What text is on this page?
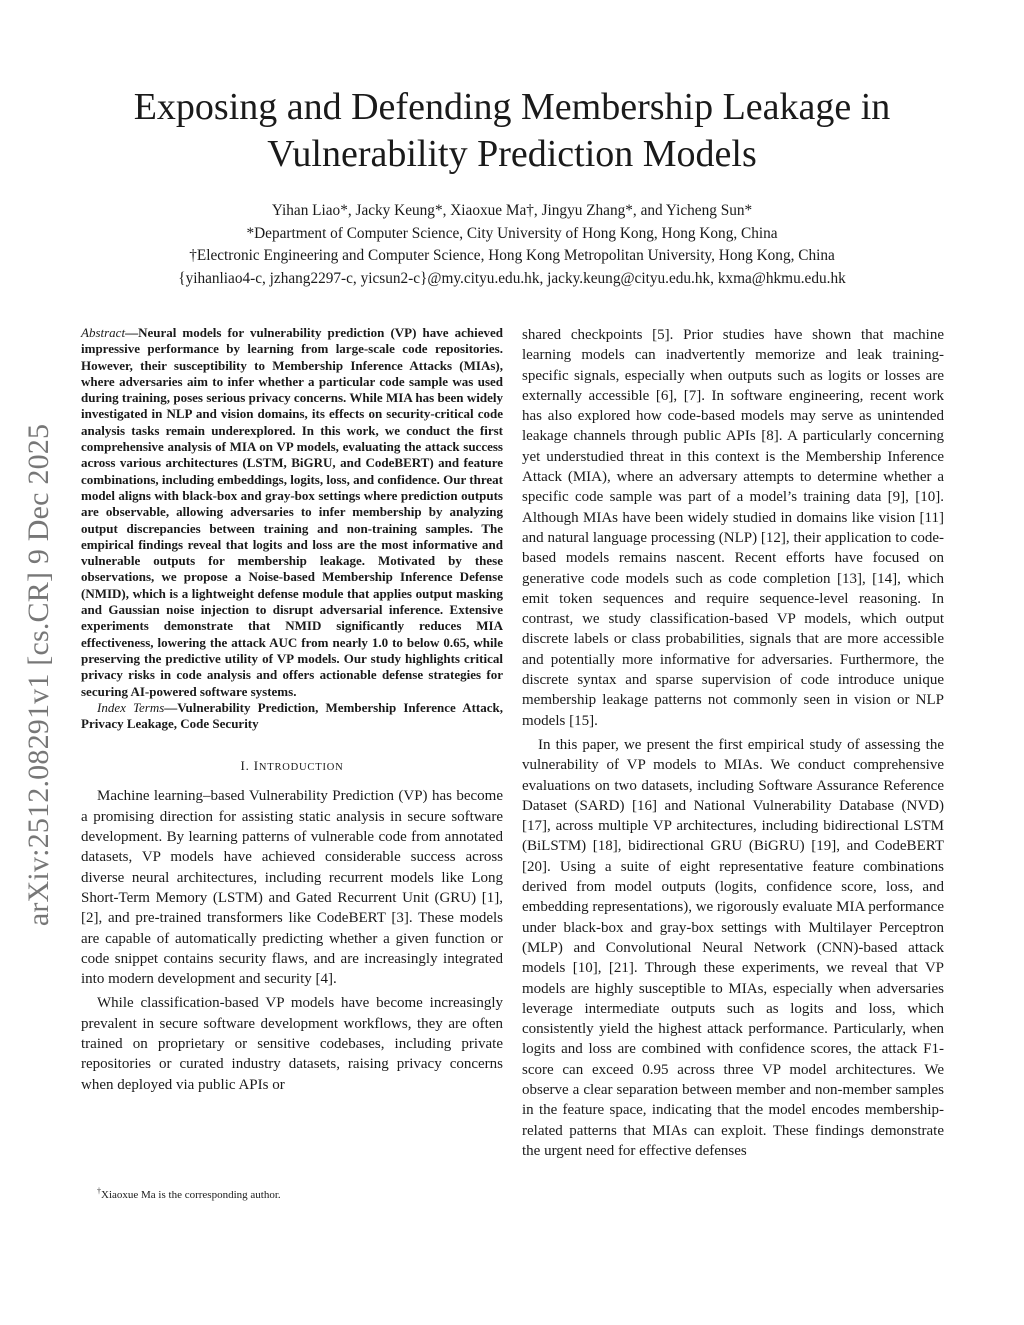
arXiv:2512.08291v1 [cs.CR] 9 Dec 2025
Exposing and Defending Membership Leakage in
Vulnerability Prediction Models
Yihan Liao*, Jacky Keung*, Xiaoxue Ma†, Jingyu Zhang*, and Yicheng Sun*
*Department of Computer Science, City University of Hong Kong, Hong Kong, China
†Electronic Engineering and Computer Science, Hong Kong Metropolitan University, Hong Kong, China
{yihanliao4-c, jzhang2297-c, yicsun2-c}@my.cityu.edu.hk, jacky.keung@cityu.edu.hk, kxma@hkmu.edu.hk

Abstract—Neural models for vulnerability prediction (VP) have achieved impressive performance by learning from large-scale code repositories. However, their susceptibility to Membership Inference Attacks (MIAs), where adversaries aim to infer whether a particular code sample was used during training, poses serious privacy concerns. While MIA has been widely investigated in NLP and vision domains, its effects on security-critical code analysis tasks remain underexplored. In this work, we conduct the first comprehensive analysis of MIA on VP models, evaluating the attack success across various architectures (LSTM, BiGRU, and CodeBERT) and feature combinations, including embeddings, logits, loss, and confidence. Our threat model aligns with black-box and gray-box settings where prediction outputs are observable, allowing adversaries to infer membership by analyzing output discrepancies between training and non-training samples. The empirical findings reveal that logits and loss are the most informative and vulnerable outputs for membership leakage. Motivated by these observations, we propose a Noise-based Membership Inference Defense (NMID), which is a lightweight defense module that applies output masking and Gaussian noise injection to disrupt adversarial inference. Extensive experiments demonstrate that NMID significantly reduces MIA effectiveness, lowering the attack AUC from nearly 1.0 to below 0.65, while preserving the predictive utility of VP models. Our study highlights critical privacy risks in code analysis and offers actionable defense strategies for securing AI-powered software systems.

Index Terms—Vulnerability Prediction, Membership Inference Attack, Privacy Leakage, Code Security

I. INTRODUCTION

Machine learning–based Vulnerability Prediction (VP) has become a promising direction for assisting static analysis in secure software development. By learning patterns of vulnerable code from annotated datasets, VP models have achieved considerable success across diverse neural architectures, including recurrent models like Long Short-Term Memory (LSTM) and Gated Recurrent Unit (GRU) [1], [2], and pre-trained transformers like CodeBERT [3]. These models are capable of automatically predicting whether a given function or code snippet contains security flaws, and are increasingly integrated into modern development and security [4].

While classification-based VP models have become increasingly prevalent in secure software development workflows, they are often trained on proprietary or sensitive codebases, including private repositories or curated industry datasets, raising privacy concerns when deployed via public APIs or

†Xiaoxue Ma is the corresponding author.

shared checkpoints [5]. Prior studies have shown that machine learning models can inadvertently memorize and leak training-specific signals, especially when outputs such as logits or losses are externally accessible [6], [7]. In software engineering, recent work has also explored how code-based models may serve as unintended leakage channels through public APIs [8]. A particularly concerning yet understudied threat in this context is the Membership Inference Attack (MIA), where an adversary attempts to determine whether a specific code sample was part of a model’s training data [9], [10]. Although MIAs have been widely studied in domains like vision [11] and natural language processing (NLP) [12], their application to code-based models remains nascent. Recent efforts have focused on generative code models such as code completion [13], [14], which emit token sequences and require sequence-level reasoning. In contrast, we study classification-based VP models, which output discrete labels or class probabilities, signals that are more accessible and potentially more informative for adversaries. Furthermore, the discrete syntax and sparse supervision of code introduce unique membership leakage patterns not commonly seen in vision or NLP models [15].

In this paper, we present the first empirical study of assessing the vulnerability of VP models to MIAs. We conduct comprehensive evaluations on two datasets, including Software Assurance Reference Dataset (SARD) [16] and National Vulnerability Database (NVD) [17], across multiple VP architectures, including bidirectional LSTM (BiLSTM) [18], bidirectional GRU (BiGRU) [19], and CodeBERT [20]. Using a suite of eight representative feature combinations derived from model outputs (logits, confidence score, loss, and embedding representations), we rigorously evaluate MIA performance under black-box and gray-box settings with Multilayer Perceptron (MLP) and Convolutional Neural Network (CNN)-based attack models [10], [21]. Through these experiments, we reveal that VP models are highly susceptible to MIAs, especially when adversaries leverage intermediate outputs such as logits and loss, which consistently yield the highest attack performance. Particularly, when logits and loss are combined with confidence scores, the attack F1-score can exceed 0.95 across three VP model architectures. We observe a clear separation between member and non-member samples in the feature space, indicating that the model encodes membership-related patterns that MIAs can exploit. These findings demonstrate the urgent need for effective defenses
